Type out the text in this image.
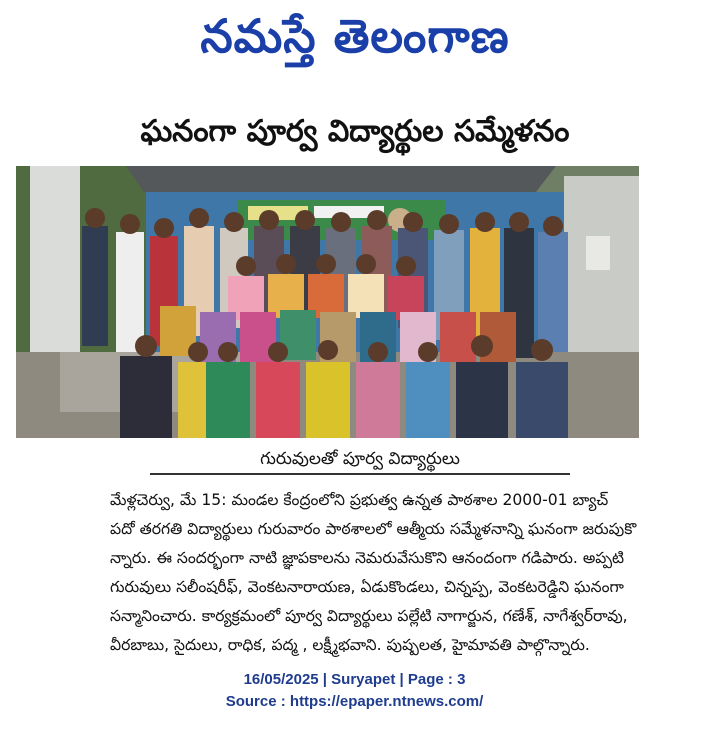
నమస్తే తెలంగాణ
ఘనంగా పూర్వ విద్యార్థుల సమ్మేళనం
గురువులతో పూర్వ విద్యార్థులు
మేళ్లచెర్వు, మే 15: మండల కేంద్రంలోని ప్రభుత్వ ఉన్నత పాఠశాల 2000-01 బ్యాచ్
పదో తరగతి విద్యార్థులు గురువారం పాఠశాలలో ఆత్మీయ సమ్మేళనాన్ని ఘనంగా జరుపుకొ
న్నారు. ఈ సందర్భంగా నాటి జ్ఞాపకాలను నెమరువేసుకొని ఆనందంగా గడిపారు. అప్పటి
గురువులు సలీంషరీఫ్, వెంకటనారాయణ, ఏడుకొండలు, చిన్నప్ప, వెంకటరెడ్డిని ఘనంగా
సన్మానించారు. కార్యక్రమంలో పూర్వ విద్యార్థులు పల్లేటి నాగార్జున, గణేశ్, నాగేశ్వర్‌రావు,
వీరబాబు, సైదులు, రాధిక, పద్మ , లక్ష్మీభవాని. పుష్పలత, హైమావతి పాల్గొన్నారు.
16/05/2025 | Suryapet | Page : 3
Source : https://epaper.ntnews.com/
